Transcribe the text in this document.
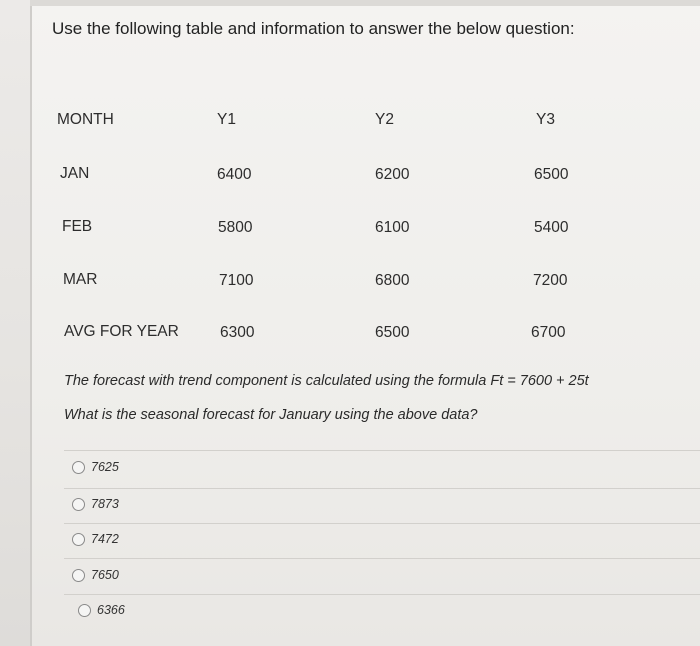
Use the following table and information to answer the below question:
MONTH	Y1	Y2	Y3
JAN	6400	6200	6500
FEB	5800	6100	5400
MAR	7100	6800	7200
AVG FOR YEAR	6300	6500	6700
The forecast with trend component is calculated using the formula Ft = 7600 + 25t
What is the seasonal forecast for January using the above data?
7625
7873
7472
7650
6366
